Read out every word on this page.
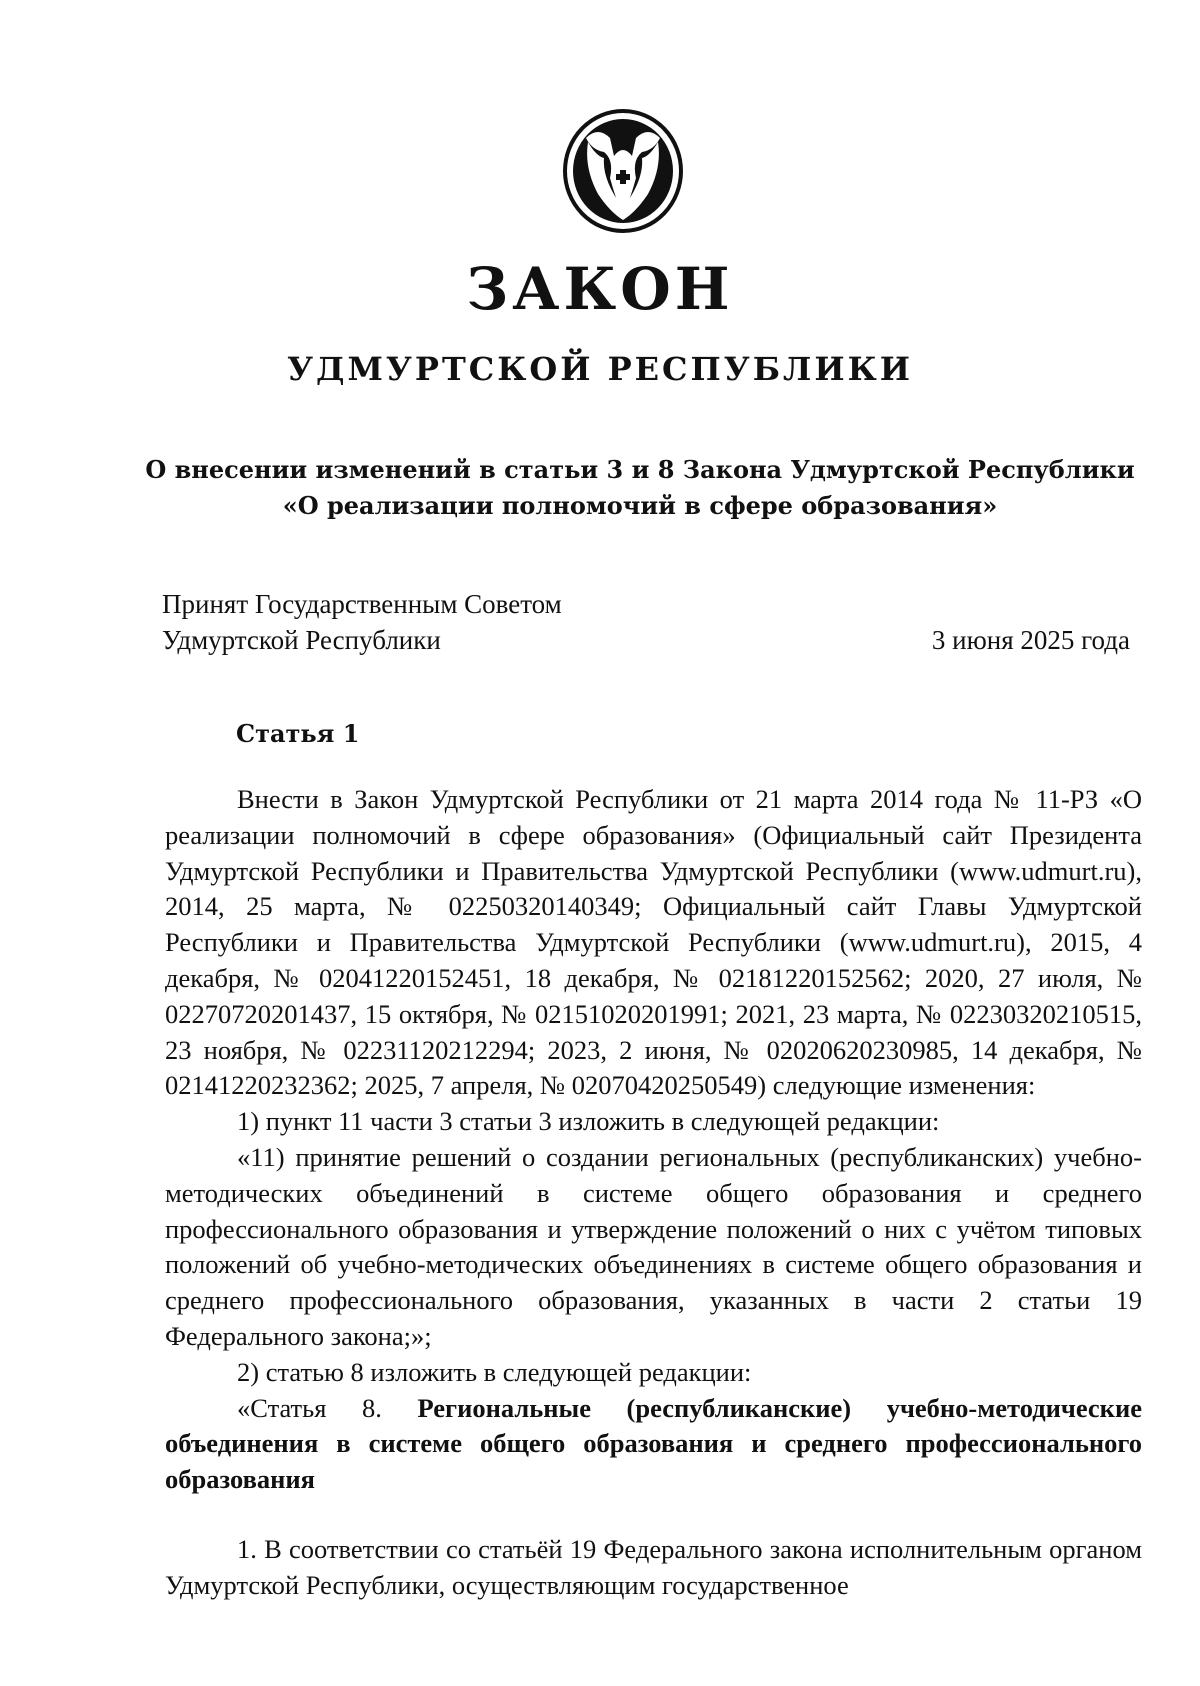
ЗАКОН
УДМУРТСКОЙ РЕСПУБЛИКИ
О внесении изменений в статьи 3 и 8 Закона Удмуртской Республики
«О реализации полномочий в сфере образования»
Принят Государственным Советом
Удмуртской Республики	3 июня 2025 года
Статья 1

Внести в Закон Удмуртской Республики от 21 марта 2014 года № 11-РЗ «О реализации полномочий в сфере образования» (Официальный сайт Президента Удмуртской Республики и Правительства Удмуртской Республики (www.udmurt.ru), 2014, 25 марта, № 02250320140349; Официальный сайт Главы Удмуртской Республики и Правительства Удмуртской Республики (www.udmurt.ru), 2015, 4 декабря, № 02041220152451, 18 декабря, № 02181220152562; 2020, 27 июля, № 02270720201437, 15 октября, № 02151020201991; 2021, 23 марта, № 02230320210515, 23 ноября, № 02231120212294; 2023, 2 июня, № 02020620230985, 14 декабря, № 02141220232362; 2025, 7 апреля, № 02070420250549) следующие изменения:

1) пункт 11 части 3 статьи 3 изложить в следующей редакции:

«11) принятие решений о создании региональных (республиканских) учебно-методических объединений в системе общего образования и среднего профессионального образования и утверждение положений о них с учётом типовых положений об учебно-методических объединениях в системе общего образования и среднего профессионального образования, указанных в части 2 статьи 19 Федерального закона;»;

2) статью 8 изложить в следующей редакции:

«Статья 8. Региональные (республиканские) учебно-методические объединения в системе общего образования и среднего профессионального образования

1. В соответствии со статьёй 19 Федерального закона исполнительным органом Удмуртской Республики, осуществляющим государственное
